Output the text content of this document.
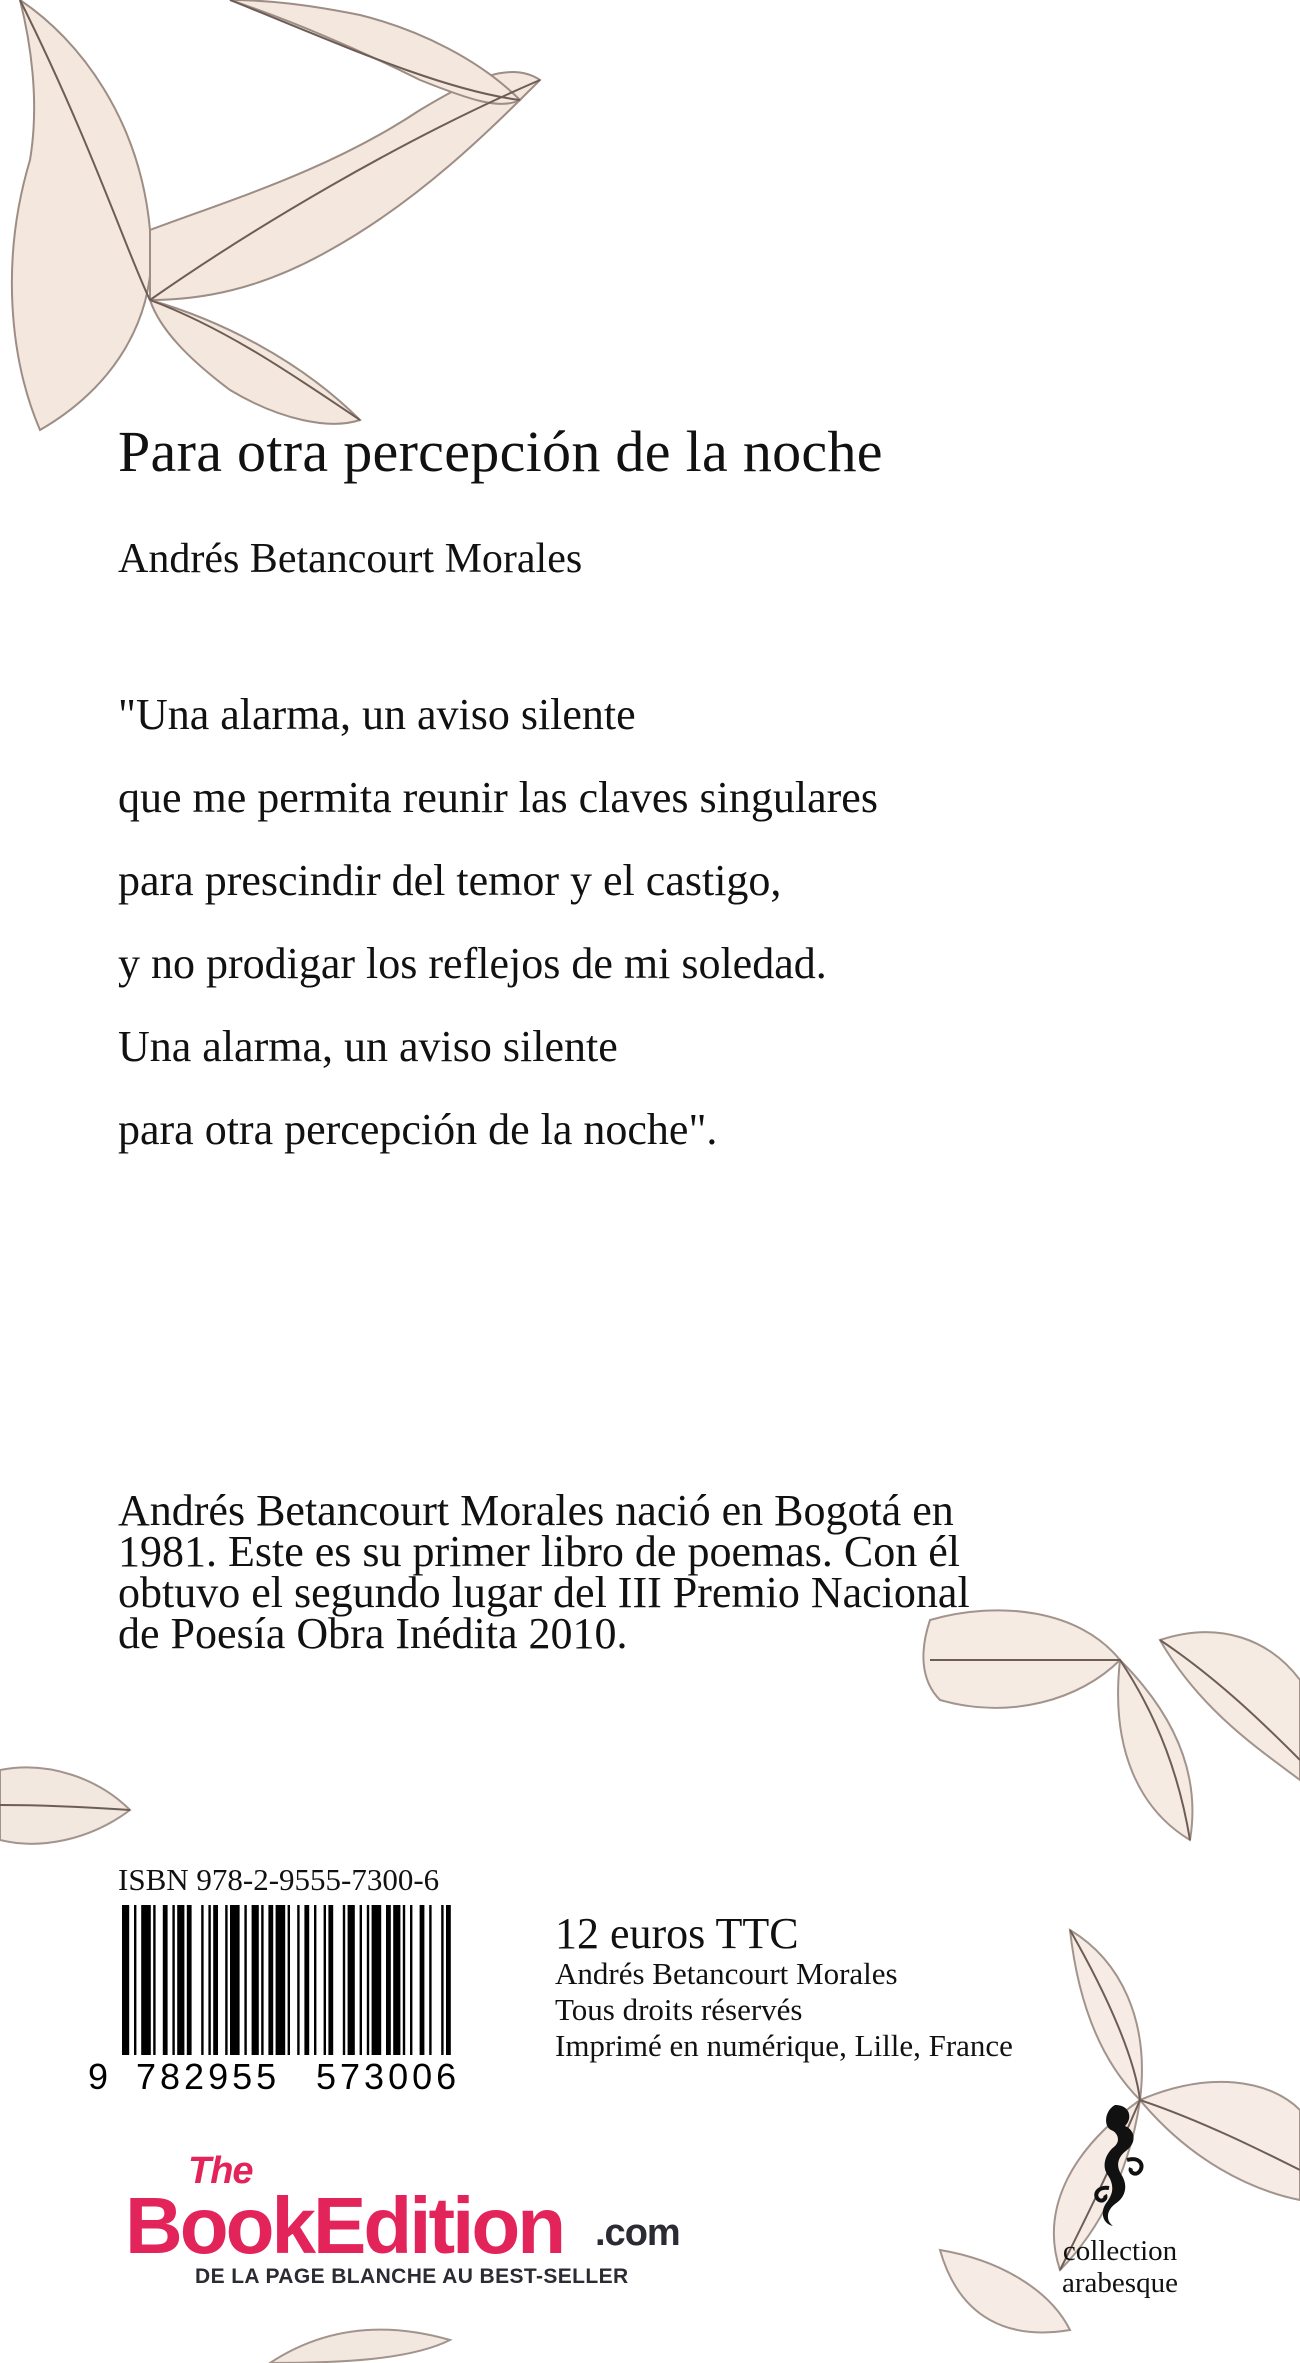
Para otra percepción de la noche
Andrés Betancourt Morales

"Una alarma, un aviso silente

que me permita reunir las claves singulares

para prescindir del temor y el castigo,

y no prodigar los reflejos de mi soledad.

Una alarma, un aviso silente

para otra percepción de la noche".

Andrés Betancourt Morales nació en Bogotá en 1981. Este es su primer libro de poemas. Con él obtuvo el segundo lugar del III Premio Nacional de Poesía Obra Inédita 2010.

ISBN 978-2-9555-7300-6
9 782955 573006
12 euros TTC
Andrés Betancourt Morales
Tous droits réservés
Imprimé en numérique, Lille, France
The
BookEdition .com
DE LA PAGE BLANCHE AU BEST-SELLER
collection
arabesque
